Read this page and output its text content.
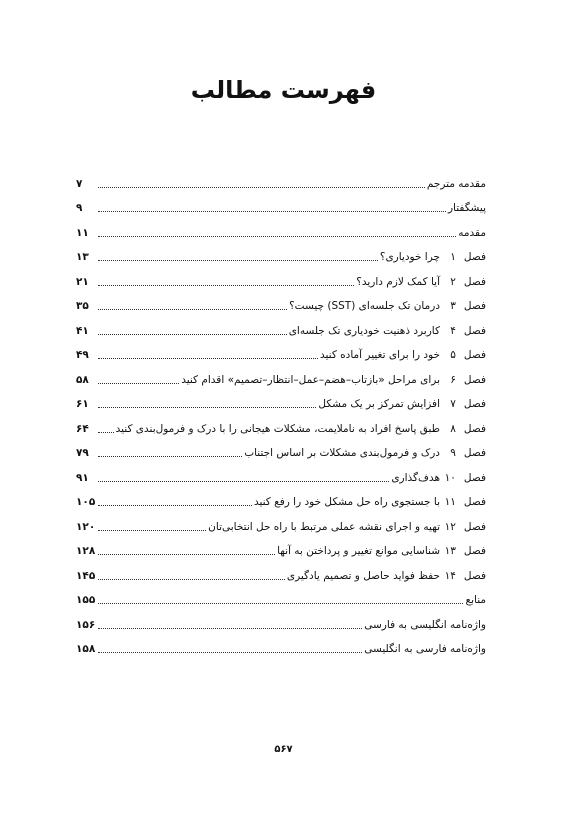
فهرست مطالب
مقدمه مترجم
۷
پیشگفتار
۹
مقدمه
۱۱
فصل
۱
چرا خودیاری؟
۱۳
فصل
۲
آیا کمک لازم دارید؟
۲۱
فصل
۳
درمان تک جلسه‌ای (SST) چیست؟
۳۵
فصل
۴
کاربرد ذهنیت خودیاری تک جلسه‌ای
۴۱
فصل
۵
خود را برای تغییر آماده کنید
۴۹
فصل
۶
برای مراحل «بازتاب–هضم–عمل–انتظار–تصمیم» اقدام کنید
۵۸
فصل
۷
افزایش تمرکز بر یک مشکل
۶۱
فصل
۸
طبق پاسخ افراد به ناملایمت، مشکلات هیجانی را با درک و فرمول‌بندی کنید
۶۴
فصل
۹
درک و فرمول‌بندی مشکلات بر اساس اجتناب
۷۹
فصل
۱۰
هدف‌گذاری
۹۱
فصل
۱۱
با جستجوی راه حل مشکل خود را رفع کنید
۱۰۵
فصل
۱۲
تهیه و اجرای نقشه عملی مرتبط با راه حل انتخابی‌تان
۱۲۰
فصل
۱۳
شناسایی موانع تغییر و پرداختن به آنها
۱۲۸
فصل
۱۴
حفظ فواید حاصل و تصمیم یادگیری
۱۴۵
منابع
۱۵۵
واژه‌نامه انگلیسی به فارسی
۱۵۶
واژه‌نامه فارسی به انگلیسی
۱۵۸
۵۶۷
